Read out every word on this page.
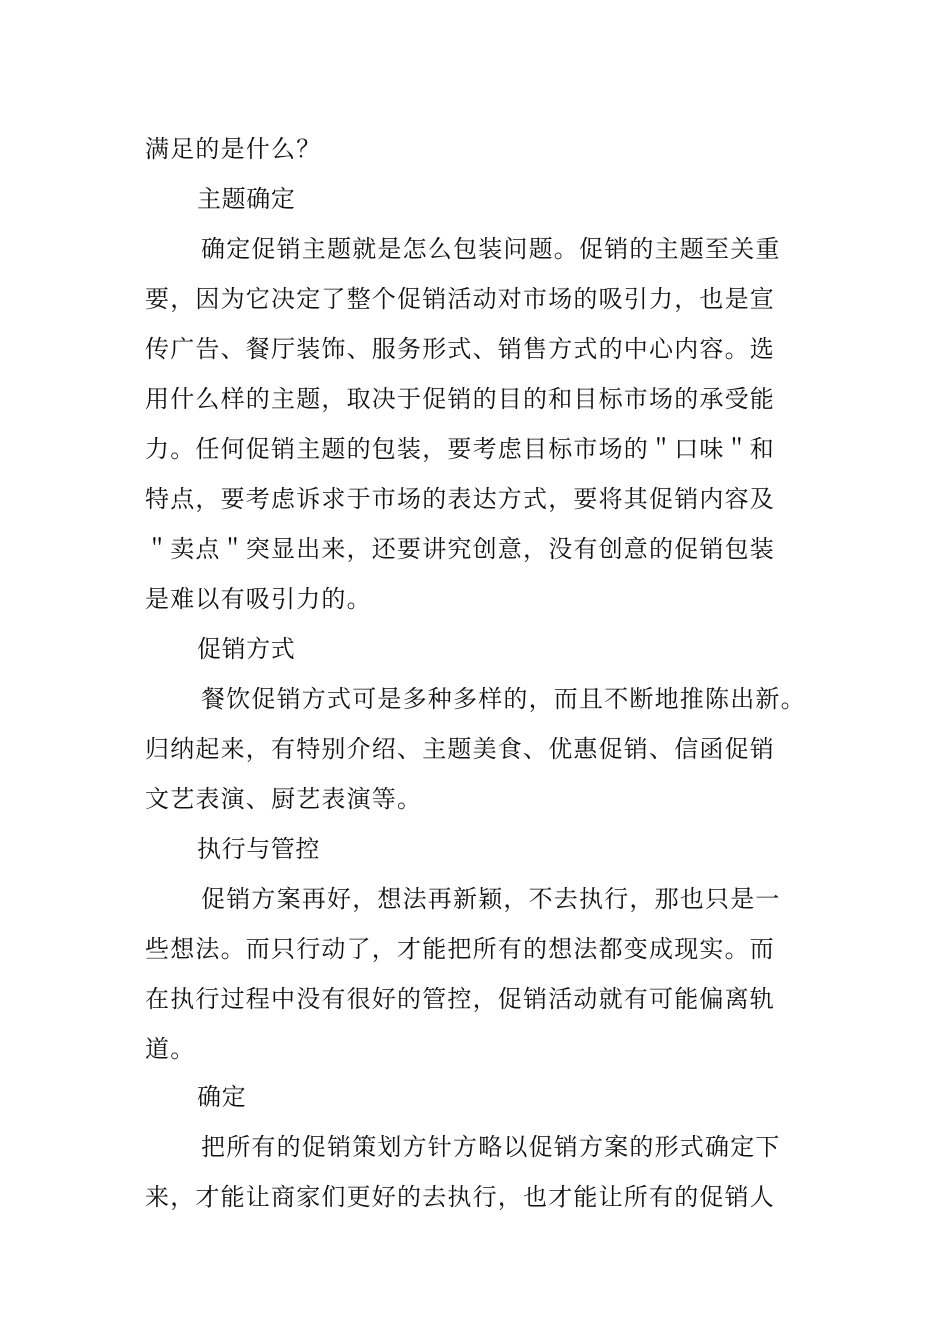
满足的是什么？
主题确定
确定促销主题就是怎么包装问题。促销的主题至关重
要，因为它决定了整个促销活动对市场的吸引力，也是宣
传广告、餐厅装饰、服务形式、销售方式的中心内容。选
用什么样的主题，取决于促销的目的和目标市场的承受能
力。任何促销主题的包装，要考虑目标市场的＂口味＂和
特点，要考虑诉求于市场的表达方式，要将其促销内容及
＂卖点＂突显出来，还要讲究创意，没有创意的促销包装
是难以有吸引力的。
促销方式
餐饮促销方式可是多种多样的，而且不断地推陈出新。
归纳起来，有特别介绍、主题美食、优惠促销、信函促销
文艺表演、厨艺表演等。
执行与管控
促销方案再好，想法再新颖，不去执行，那也只是一
些想法。而只行动了，才能把所有的想法都变成现实。而
在执行过程中没有很好的管控，促销活动就有可能偏离轨
道。
确定
把所有的促销策划方针方略以促销方案的形式确定下
来，才能让商家们更好的去执行，也才能让所有的促销人
